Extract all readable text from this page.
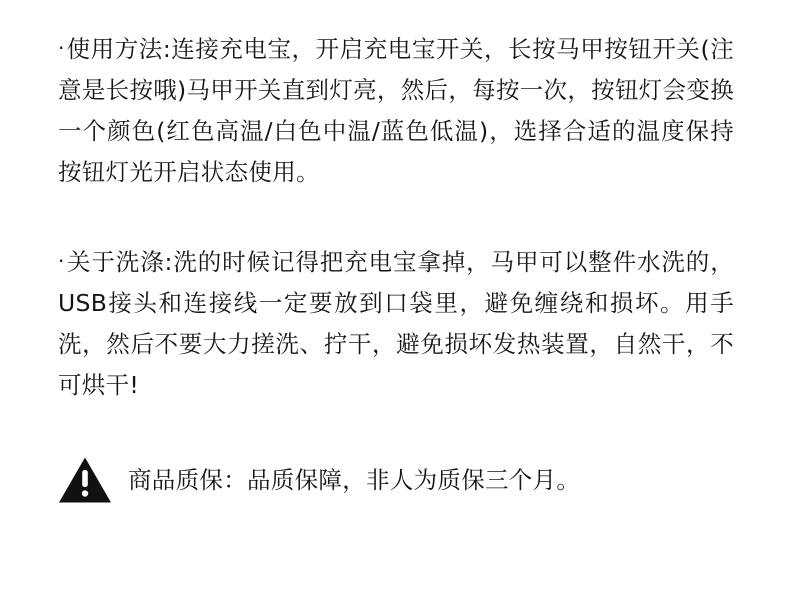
·使用方法:连接充电宝，开启充电宝开关，长按马甲按钮开关(注意是长按哦)马甲开关直到灯亮，然后，每按一次，按钮灯会变换一个颜色(红色高温/白色中温/蓝色低温)，选择合适的温度保持按钮灯光开启状态使用。

·关于洗涤:洗的时候记得把充电宝拿掉，马甲可以整件水洗的，USB接头和连接线一定要放到口袋里，避免缠绕和损坏。用手洗，然后不要大力搓洗、拧干，避免损坏发热装置，自然干，不可烘干!

商品质保：品质保障，非人为质保三个月。
